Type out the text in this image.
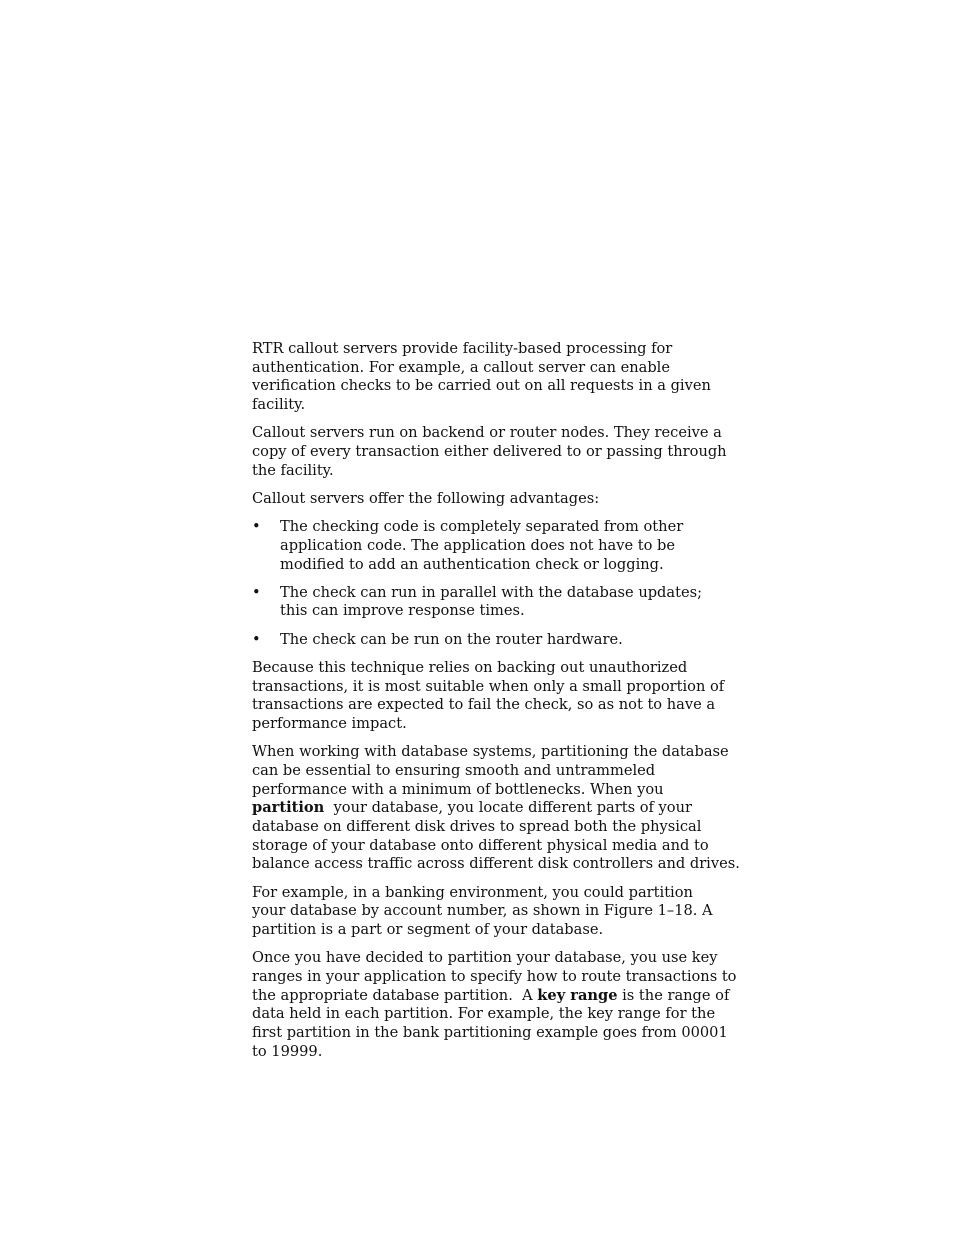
RTR callout servers provide facility-based processing for
authentication. For example, a callout server can enable
verification checks to be carried out on all requests in a given
facility.

Callout servers run on backend or router nodes. They receive a
copy of every transaction either delivered to or passing through
the facility.

Callout servers offer the following advantages:

• The checking code is completely separated from other
application code. The application does not have to be
modified to add an authentication check or logging.
• The check can run in parallel with the database updates;
this can improve response times.
• The check can be run on the router hardware.

Because this technique relies on backing out unauthorized
transactions, it is most suitable when only a small proportion of
transactions are expected to fail the check, so as not to have a
performance impact.

When working with database systems, partitioning the database
can be essential to ensuring smooth and untrammeled
performance with a minimum of bottlenecks. When you
partition  your database, you locate different parts of your
database on different disk drives to spread both the physical
storage of your database onto different physical media and to
balance access traffic across different disk controllers and drives.

For example, in a banking environment, you could partition
your database by account number, as shown in Figure 1–18. A
partition is a part or segment of your database.

Once you have decided to partition your database, you use key
ranges in your application to specify how to route transactions to
the appropriate database partition.  A key range is the range of
data held in each partition. For example, the key range for the
first partition in the bank partitioning example goes from 00001
to 19999.
